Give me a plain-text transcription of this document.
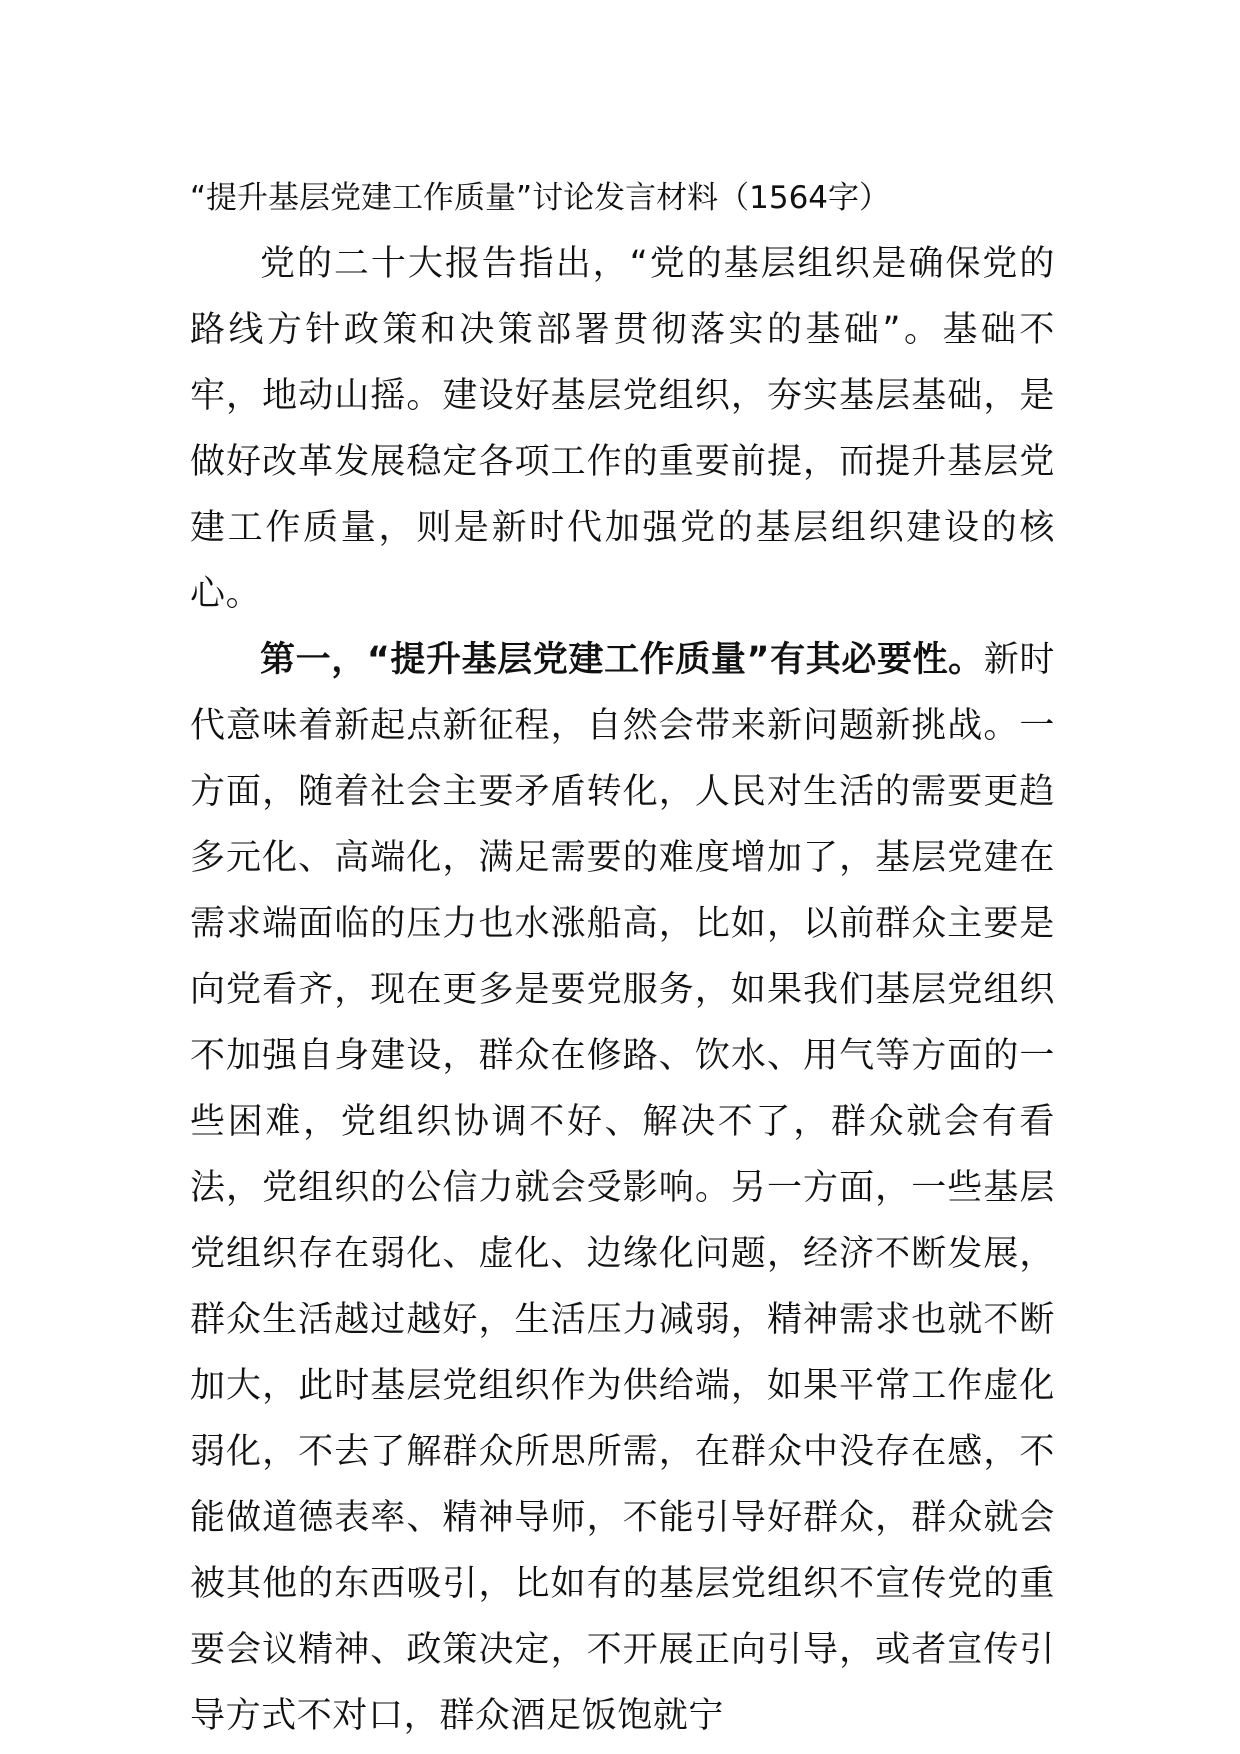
“提升基层党建工作质量”讨论发言材料（1564字）

党的二十大报告指出，“党的基层组织是确保党的路线方针政策和决策部署贯彻落实的基础”。基础不牢，地动山摇。建设好基层党组织，夯实基层基础，是做好改革发展稳定各项工作的重要前提，而提升基层党建工作质量，则是新时代加强党的基层组织建设的核心。

第一，“提升基层党建工作质量”有其必要性。新时代意味着新起点新征程，自然会带来新问题新挑战。一方面，随着社会主要矛盾转化，人民对生活的需要更趋多元化、高端化，满足需要的难度增加了，基层党建在需求端面临的压力也水涨船高，比如，以前群众主要是向党看齐，现在更多是要党服务，如果我们基层党组织不加强自身建设，群众在修路、饮水、用气等方面的一些困难，党组织协调不好、解决不了，群众就会有看法，党组织的公信力就会受影响。另一方面，一些基层党组织存在弱化、虚化、边缘化问题，经济不断发展，群众生活越过越好，生活压力减弱，精神需求也就不断加大，此时基层党组织作为供给端，如果平常工作虚化弱化，不去了解群众所思所需，在群众中没存在感，不能做道德表率、精神导师，不能引导好群众，群众就会被其他的东西吸引，比如有的基层党组织不宣传党的重要会议精神、政策决定，不开展正向引导，或者宣传引导方式不对口，群众酒足饭饱就宁
